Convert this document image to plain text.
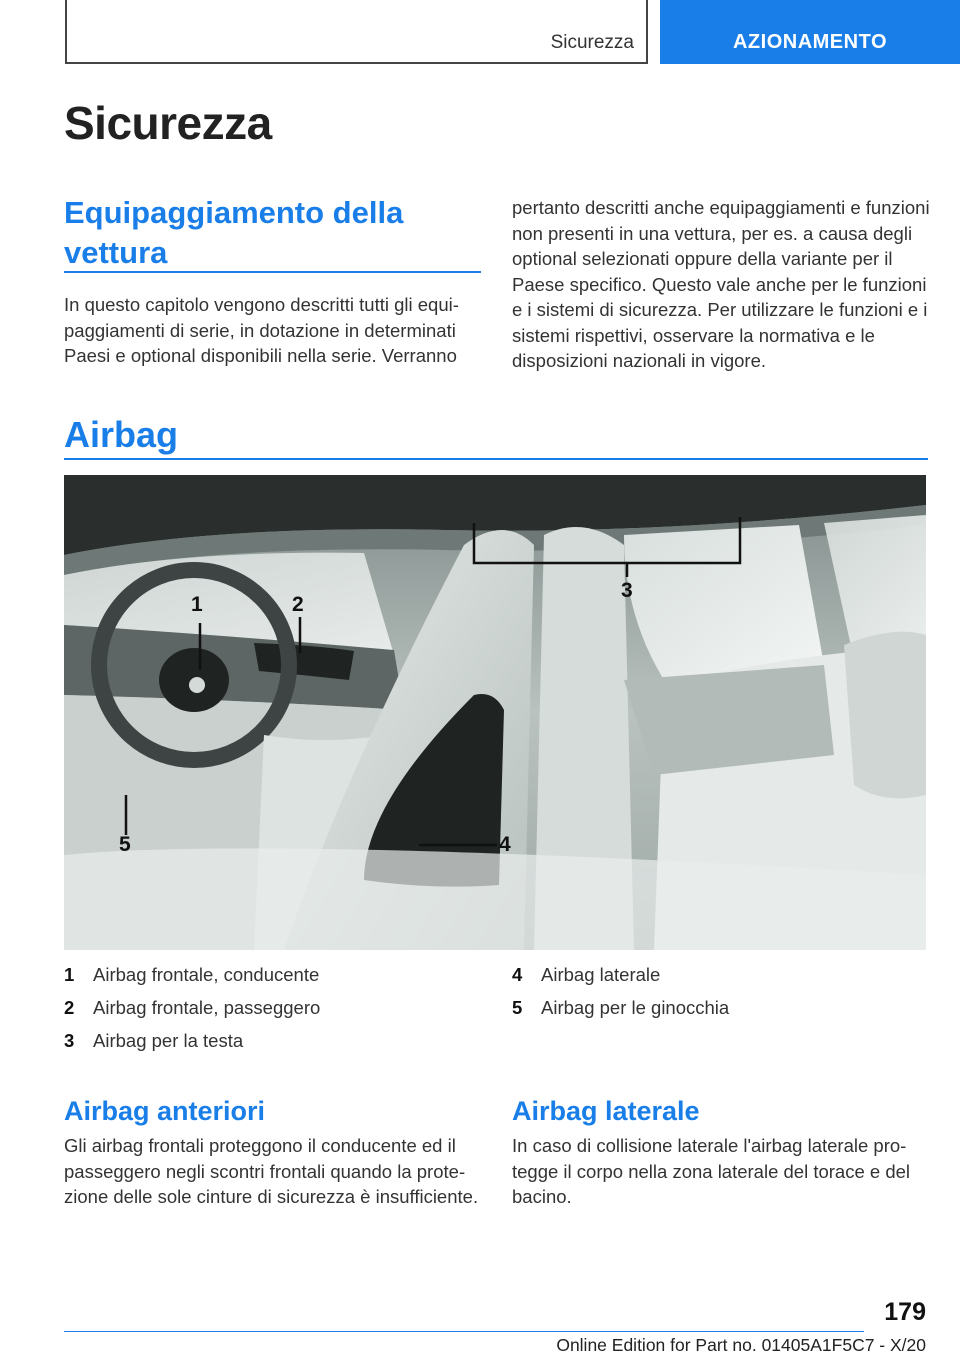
Sicurezza	AZIONAMENTO
Sicurezza
Equipaggiamento della vettura
In questo capitolo vengono descritti tutti gli equipaggiamenti di serie, in dotazione in determinati Paesi e optional disponibili nella serie. Verranno
pertanto descritti anche equipaggiamenti e funzioni non presenti in una vettura, per es. a causa degli optional selezionati oppure della variante per il Paese specifico. Questo vale anche per le funzioni e i sistemi di sicurezza. Per utilizzare le funzioni e i sistemi rispettivi, osservare la normativa e le disposizioni nazionali in vigore.
Airbag
1	2
3
4
5
1	Airbag frontale, conducente
2	Airbag frontale, passeggero
3	Airbag per la testa
4	Airbag laterale
5	Airbag per le ginocchia
Airbag anteriori
Gli airbag frontali proteggono il conducente ed il passeggero negli scontri frontali quando la protezione delle sole cinture di sicurezza è insufficiente.
Airbag laterale
In caso di collisione laterale l'airbag laterale protegge il corpo nella zona laterale del torace e del bacino.
179
Online Edition for Part no. 01405A1F5C7 - X/20
